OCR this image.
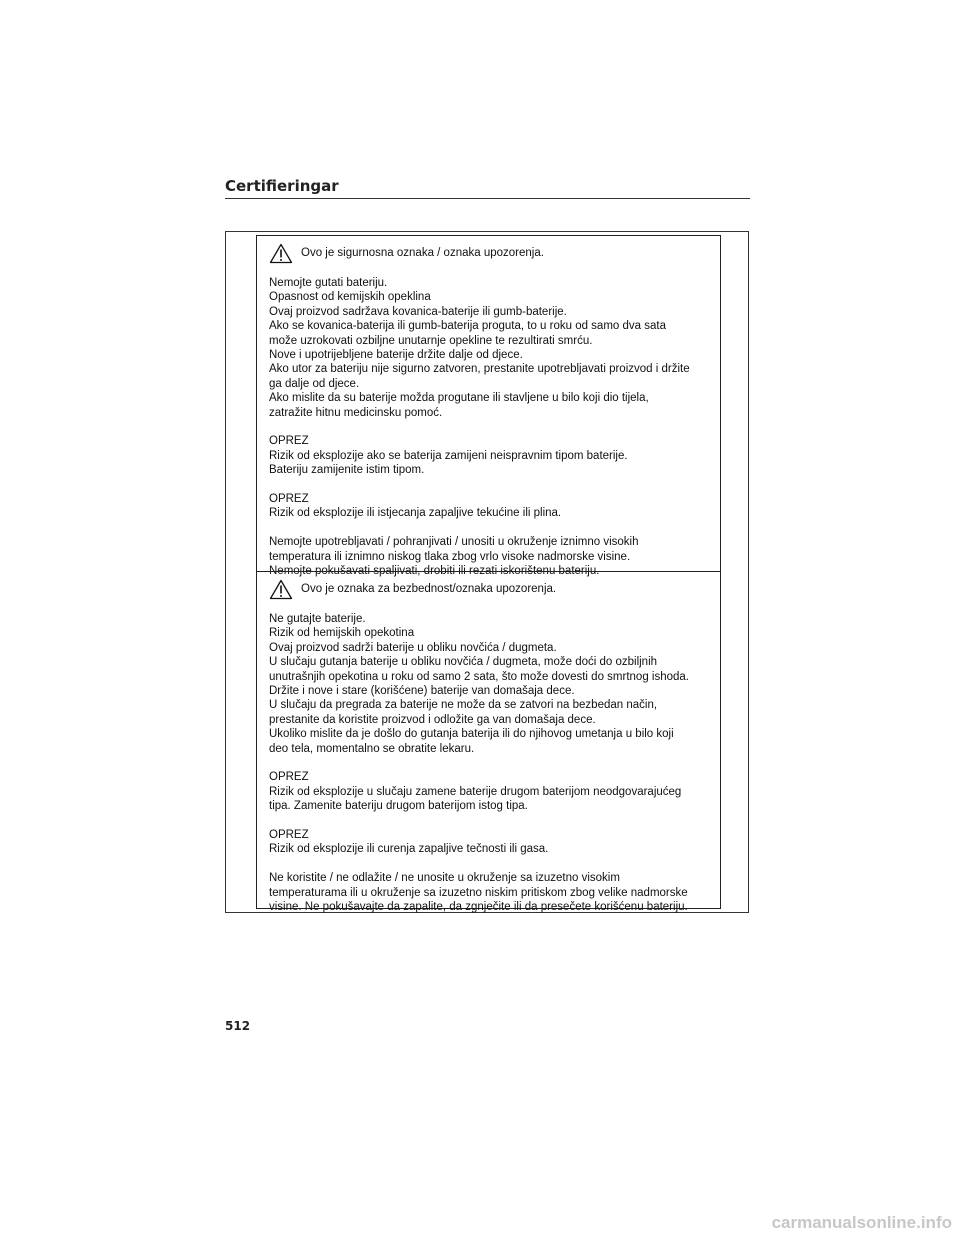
Certifieringar
Ovo je sigurnosna oznaka / oznaka upozorenja.
Nemojte gutati bateriju.
Opasnost od kemijskih opeklina
Ovaj proizvod sadržava kovanica-baterije ili gumb-baterije.
Ako se kovanica-baterija ili gumb-baterija proguta, to u roku od samo dva sata
može uzrokovati ozbiljne unutarnje opekline te rezultirati smrću.
Nove i upotrijebljene baterije držite dalje od djece.
Ako utor za bateriju nije sigurno zatvoren, prestanite upotrebljavati proizvod i držite
ga dalje od djece.
Ako mislite da su baterije možda progutane ili stavljene u bilo koji dio tijela,
zatražite hitnu medicinsku pomoć.
OPREZ
Rizik od eksplozije ako se baterija zamijeni neispravnim tipom baterije.
Bateriju zamijenite istim tipom.
OPREZ
Rizik od eksplozije ili istjecanja zapaljive tekućine ili plina.
Nemojte upotrebljavati / pohranjivati / unositi u okruženje iznimno visokih
temperatura ili iznimno niskog tlaka zbog vrlo visoke nadmorske visine.
Nemojte pokušavati spaljivati, drobiti ili rezati iskorištenu bateriju.
Ovo je oznaka za bezbednost/oznaka upozorenja.
Ne gutajte baterije.
Rizik od hemijskih opekotina
Ovaj proizvod sadrži baterije u obliku novčića / dugmeta.
U slučaju gutanja baterije u obliku novčića / dugmeta, može doći do ozbiljnih
unutrašnjih opekotina u roku od samo 2 sata, što može dovesti do smrtnog ishoda.
Držite i nove i stare (korišćene) baterije van domašaja dece.
U slučaju da pregrada za baterije ne može da se zatvori na bezbedan način,
prestanite da koristite proizvod i odložite ga van domašaja dece.
Ukoliko mislite da je došlo do gutanja baterija ili do njihovog umetanja u bilo koji
deo tela, momentalno se obratite lekaru.
OPREZ
Rizik od eksplozije u slučaju zamene baterije drugom baterijom neodgovarajućeg
tipa. Zamenite bateriju drugom baterijom istog tipa.
OPREZ
Rizik od eksplozije ili curenja zapaljive tečnosti ili gasa.
Ne koristite / ne odlažite / ne unosite u okruženje sa izuzetno visokim
temperaturama ili u okruženje sa izuzetno niskim pritiskom zbog velike nadmorske
visine. Ne pokušavajte da zapalite, da zgnječite ili da presečete korišćenu bateriju.
512
carmanualsonline.info
